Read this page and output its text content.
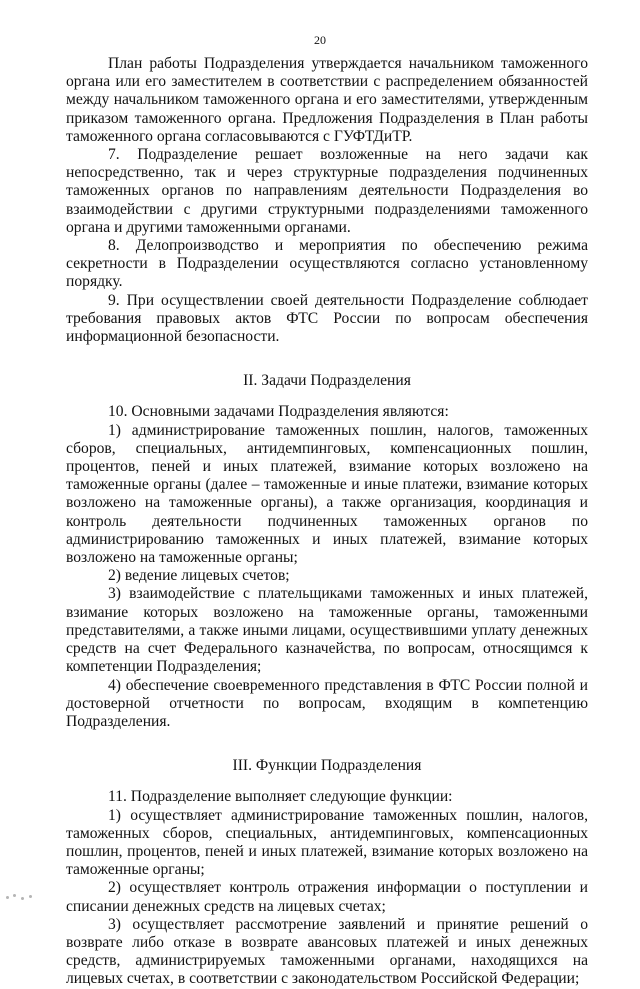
20

План работы Подразделения утверждается начальником таможенного органа или его заместителем в соответствии с распределением обязанностей между начальником таможенного органа и его заместителями, утвержденным приказом таможенного органа. Предложения Подразделения в План работы таможенного органа согласовываются с ГУФТДиТР.

7. Подразделение решает возложенные на него задачи как непосредственно, так и через структурные подразделения подчиненных таможенных органов по направлениям деятельности Подразделения во взаимодействии с другими структурными подразделениями таможенного органа и другими таможенными органами.

8. Делопроизводство и мероприятия по обеспечению режима секретности в Подразделении осуществляются согласно установленному порядку.

9. При осуществлении своей деятельности Подразделение соблюдает требования правовых актов ФТС России по вопросам обеспечения информационной безопасности.

II. Задачи Подразделения

10. Основными задачами Подразделения являются:

1) администрирование таможенных пошлин, налогов, таможенных сборов, специальных, антидемпинговых, компенсационных пошлин, процентов, пеней и иных платежей, взимание которых возложено на таможенные органы (далее – таможенные и иные платежи, взимание которых возложено на таможенные органы), а также организация, координация и контроль деятельности подчиненных таможенных органов по администрированию таможенных и иных платежей, взимание которых возложено на таможенные органы;

2) ведение лицевых счетов;

3) взаимодействие с плательщиками таможенных и иных платежей, взимание которых возложено на таможенные органы, таможенными представителями, а также иными лицами, осуществившими уплату денежных средств на счет Федерального казначейства, по вопросам, относящимся к компетенции Подразделения;

4) обеспечение своевременного представления в ФТС России полной и достоверной отчетности по вопросам, входящим в компетенцию Подразделения.

III. Функции Подразделения

11. Подразделение выполняет следующие функции:

1) осуществляет администрирование таможенных пошлин, налогов, таможенных сборов, специальных, антидемпинговых, компенсационных пошлин, процентов, пеней и иных платежей, взимание которых возложено на таможенные органы;

2) осуществляет контроль отражения информации о поступлении и списании денежных средств на лицевых счетах;

3) осуществляет рассмотрение заявлений и принятие решений о возврате либо отказе в возврате авансовых платежей и иных денежных средств, администрируемых таможенными органами, находящихся на лицевых счетах, в соответствии с законодательством Российской Федерации;
